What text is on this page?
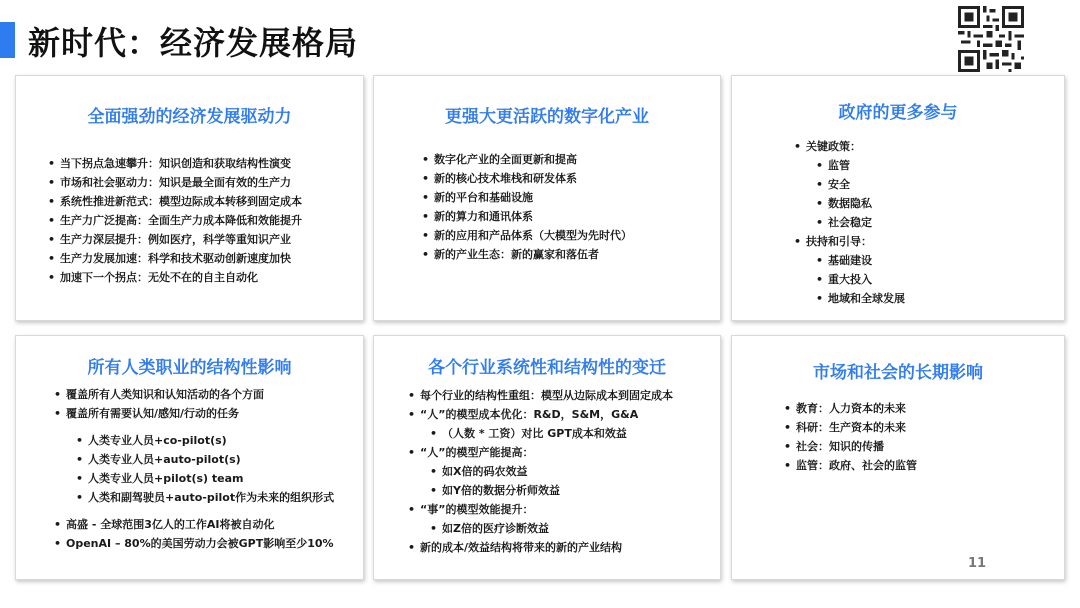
新时代：经济发展格局
全面强劲的经济发展驱动力
• 当下拐点急速攀升：知识创造和获取结构性演变
• 市场和社会驱动力：知识是最全面有效的生产力
• 系统性推进新范式：模型边际成本转移到固定成本
• 生产力广泛提高：全面生产力成本降低和效能提升
• 生产力深层提升：例如医疗，科学等重知识产业
• 生产力发展加速：科学和技术驱动创新速度加快
• 加速下一个拐点：无处不在的自主自动化
更强大更活跃的数字化产业
• 数字化产业的全面更新和提高
• 新的核心技术堆栈和研发体系
• 新的平台和基础设施
• 新的算力和通讯体系
• 新的应用和产品体系（大模型为先时代）
• 新的产业生态：新的赢家和落伍者
政府的更多参与
• 关键政策：
• 监管
• 安全
• 数据隐私
• 社会稳定
• 扶持和引导：
• 基础建设
• 重大投入
• 地域和全球发展
所有人类职业的结构性影响
• 覆盖所有人类知识和认知活动的各个方面
• 覆盖所有需要认知/感知/行动的任务
• 人类专业人员+co-pilot(s)
• 人类专业人员+auto-pilot(s)
• 人类专业人员+pilot(s) team
• 人类和副驾驶员+auto-pilot作为未来的组织形式
• 高盛 - 全球范围3亿人的工作AI将被自动化
• OpenAI – 80%的美国劳动力会被GPT影响至少10%
各个行业系统性和结构性的变迁
• 每个行业的结构性重组：模型从边际成本到固定成本
• “人”的模型成本优化：R&D，S&M，G&A
• （人数 * 工资）对比 GPT成本和效益
• “人”的模型产能提高：
• 如X倍的码农效益
• 如Y倍的数据分析师效益
• “事”的模型效能提升：
• 如Z倍的医疗诊断效益
• 新的成本/效益结构将带来的新的产业结构
市场和社会的长期影响
• 教育：人力资本的未来
• 科研：生产资本的未来
• 社会：知识的传播
• 监管：政府、社会的监管
11
